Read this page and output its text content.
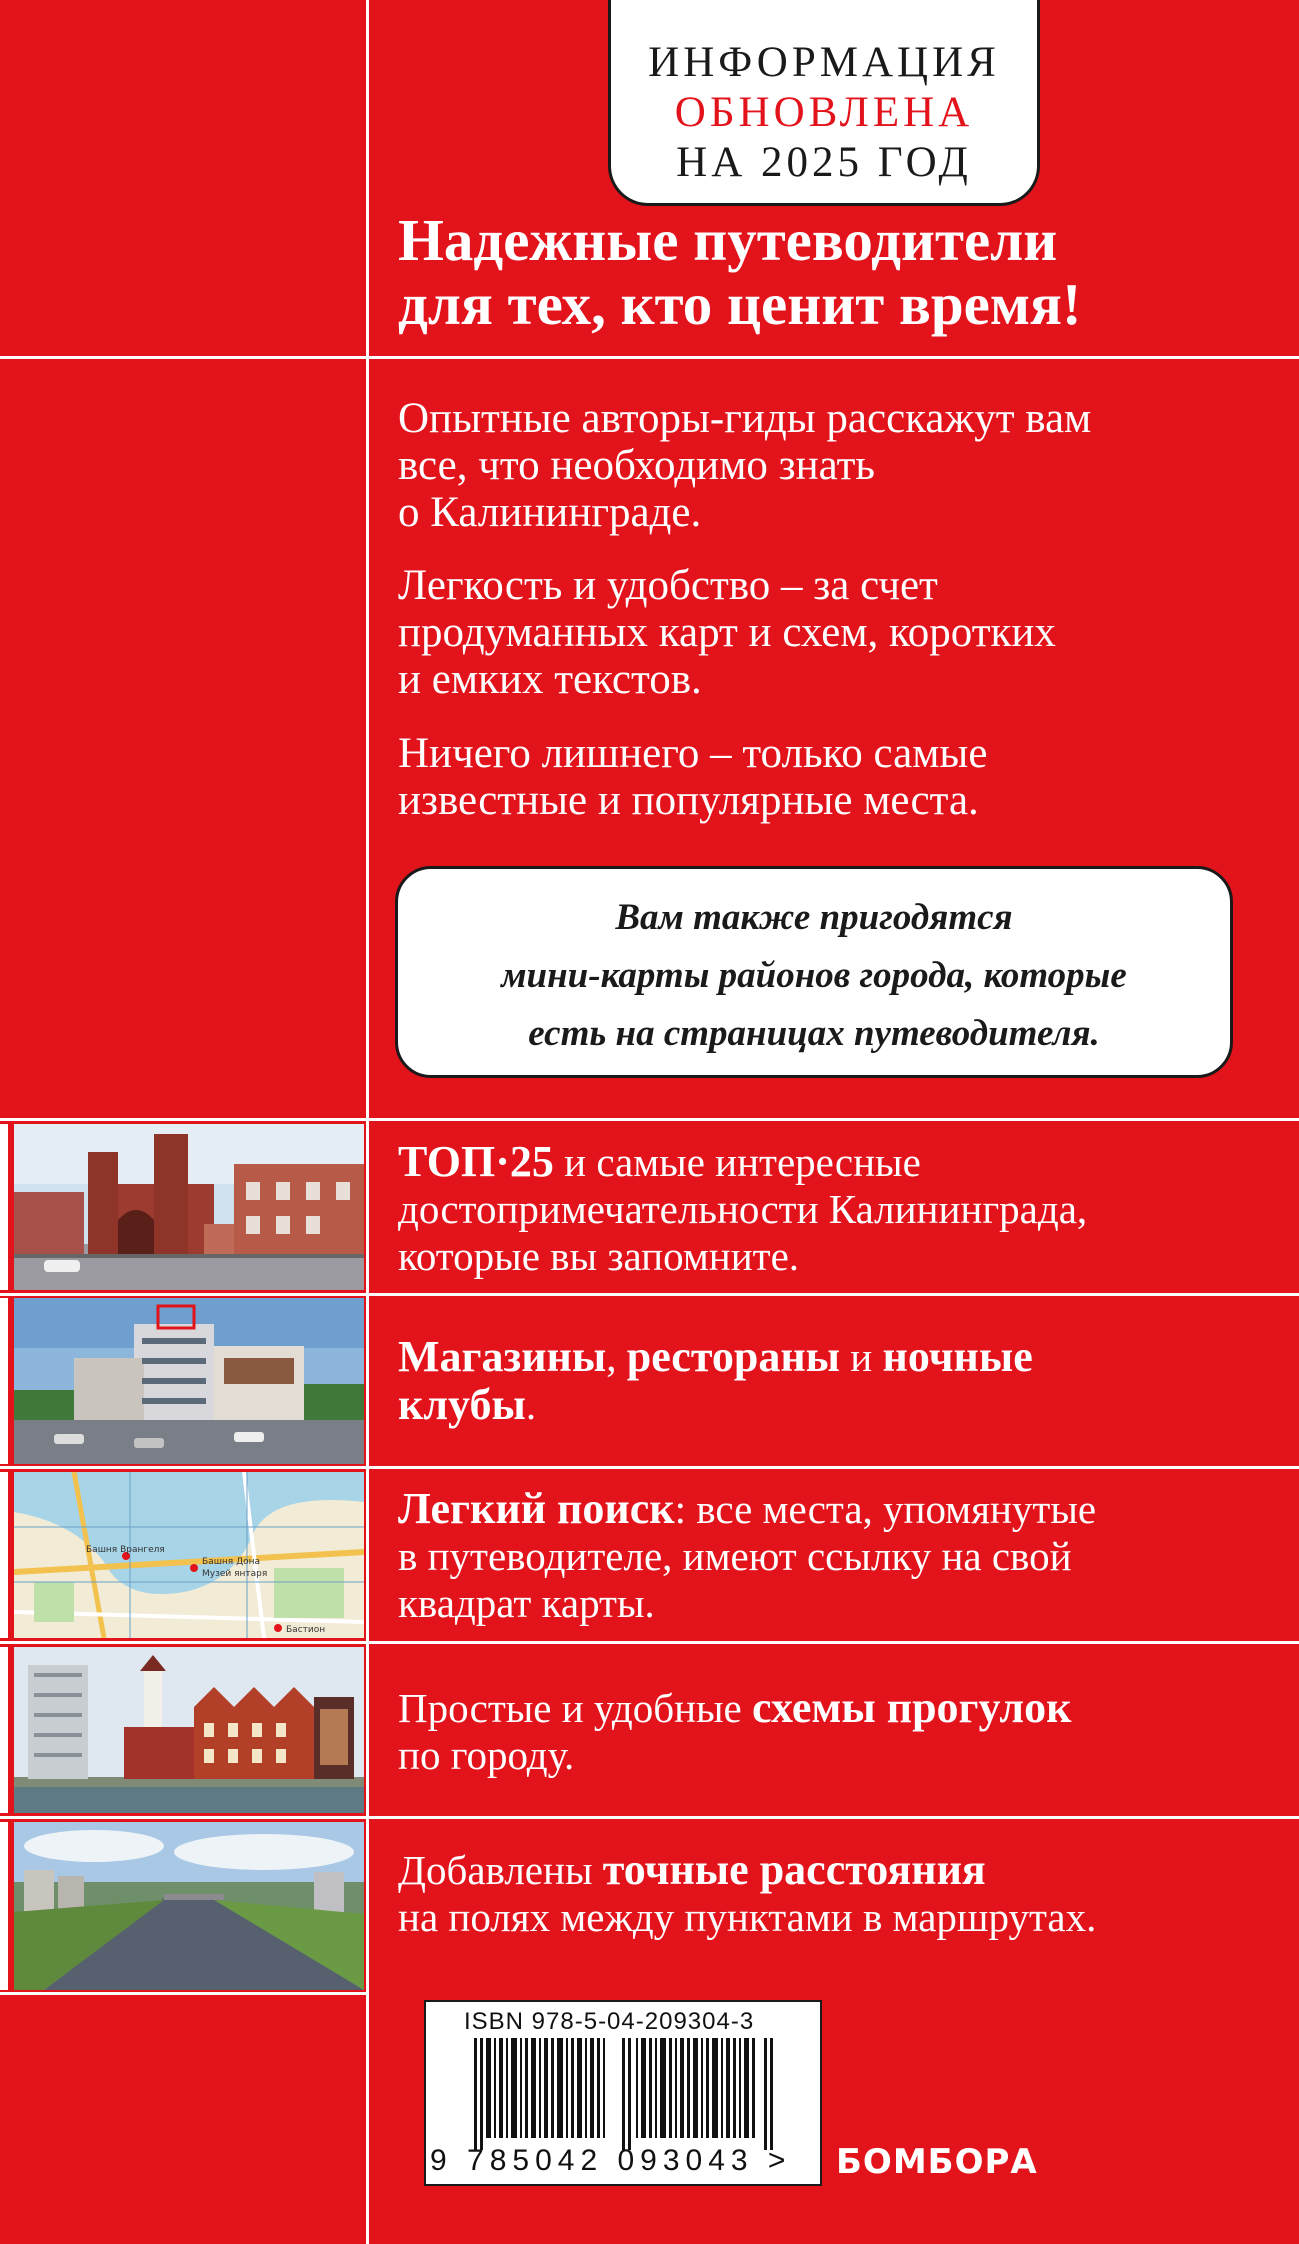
ИНФОРМАЦИЯ
ОБНОВЛЕНА
НА 2025 ГОД
Надежные путеводители
для тех, кто ценит время!

Опытные авторы-гиды расскажут вам

все, что необходимо знать

о Калининграде.

Легкость и удобство – за счет

продуманных карт и схем, коротких

и емких текстов.

Ничего лишнего – только самые

известные и популярные места.

Вам также пригодятся
мини-карты районов города, которые
есть на страницах путеводителя.
Башня Врангеля
Башня Дона
Музей янтаря
Бастион
ТОП·25 и самые интересные
достопримечательности Калининграда,
которые вы запомните.
Магазины, рестораны и ночные
клубы.
Легкий поиск: все места, упомянутые
в путеводителе, имеют ссылку на свой
квадрат карты.
Простые и удобные схемы прогулок
по городу.
Добавлены точные расстояния
на полях между пунктами в маршрутах.
ISBN 978-5-04-209304-3
9 785042 093043 > БОМБОРА
